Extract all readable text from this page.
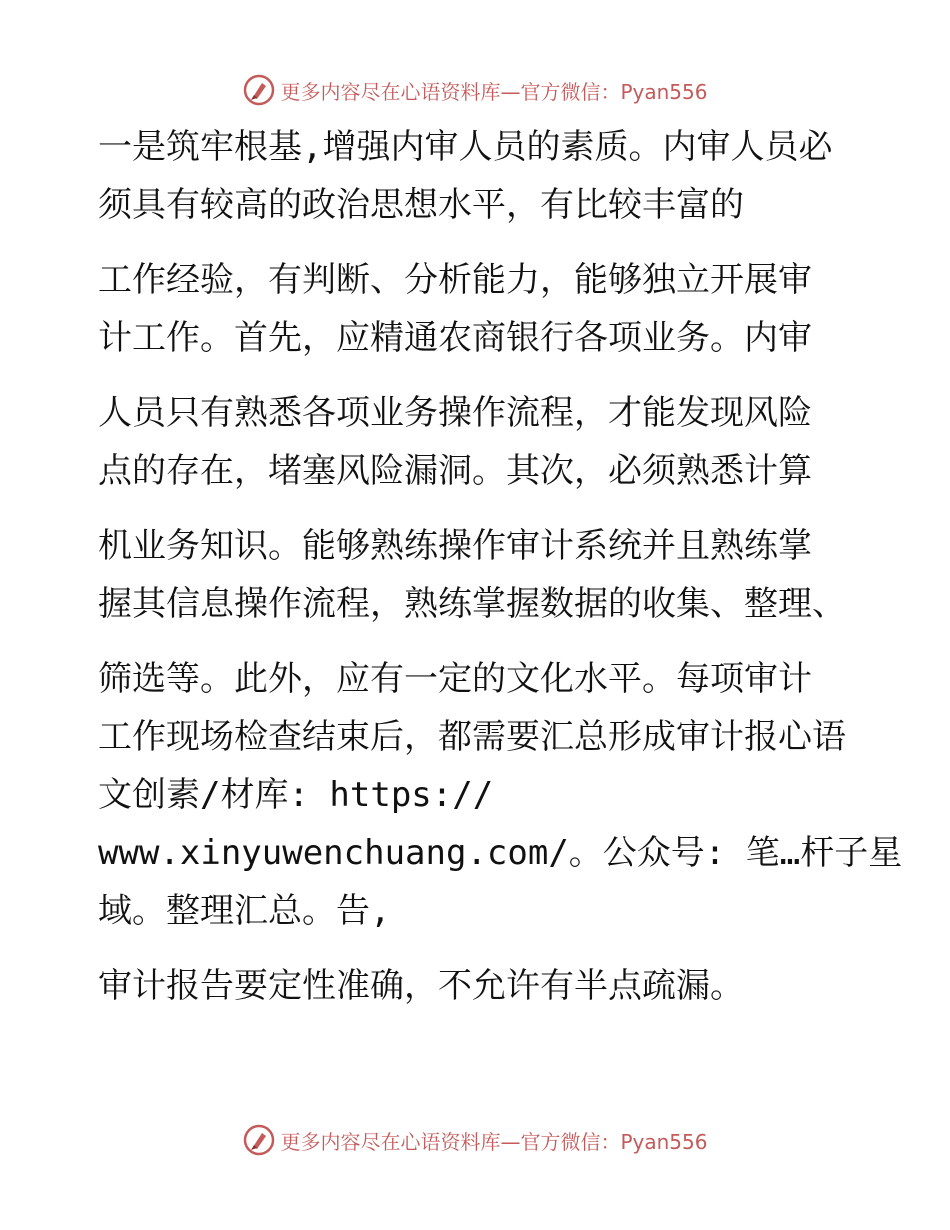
更多内容尽在心语资料库—官方微信：Pyan556
一是筑牢根基,增强内审人员的素质。内审人员必
须具有较高的政治思想水平，有比较丰富的
工作经验，有判断、分析能力，能够独立开展审
计工作。首先，应精通农商银行各项业务。内审
人员只有熟悉各项业务操作流程，才能发现风险
点的存在，堵塞风险漏洞。其次，必须熟悉计算
机业务知识。能够熟练操作审计系统并且熟练掌
握其信息操作流程，熟练掌握数据的收集、整理、
筛选等。此外，应有一定的文化水平。每项审计
工作现场检查结束后，都需要汇总形成审计报心语
文创素/材库: https://
www.xinyuwenchuang.com/。公众号: 笔…杆子星
域。整理汇总。告,
审计报告要定性准确，不允许有半点疏漏。
更多内容尽在心语资料库—官方微信：Pyan556
